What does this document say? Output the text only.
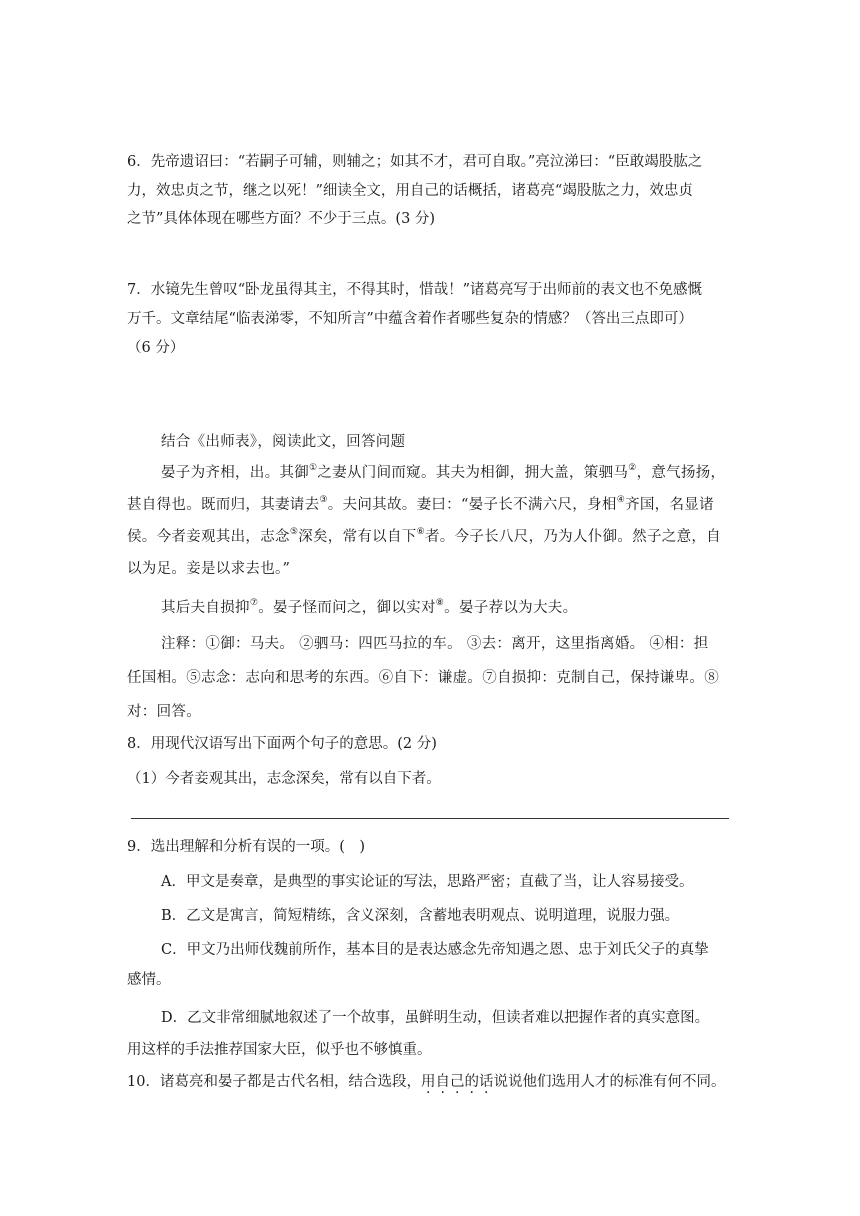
6．先帝遗诏曰：“若嗣子可辅，则辅之；如其不才，君可自取。”亮泣涕曰：“臣敢竭股肱之
力，效忠贞之节，继之以死！”细读全文，用自己的话概括，诸葛亮“竭股肱之力，效忠贞
之节”具体体现在哪些方面？不少于三点。(3 分)
7．水镜先生曾叹“卧龙虽得其主，不得其时，惜哉！”诸葛亮写于出师前的表文也不免感慨
万千。文章结尾“临表涕零，不知所言”中蕴含着作者哪些复杂的情感？（答出三点即可）
（6 分）
结合《出师表》，阅读此文，回答问题
晏子为齐相，出。其御①之妻从门间而窥。其夫为相御，拥大盖，策驷马②，意气扬扬，
甚自得也。既而归，其妻请去③。夫问其故。妻曰：“晏子长不满六尺，身相④齐国，名显诸
侯。今者妾观其出，志念⑤深矣，常有以自下⑥者。今子长八尺，乃为人仆御。然子之意，自
以为足。妾是以求去也。”
其后夫自损抑⑦。晏子怪而问之，御以实对⑧。晏子荐以为大夫。
注释：①御：马夫。 ②驷马：四匹马拉的车。 ③去：离开，这里指离婚。 ④相：担
任国相。⑤志念：志向和思考的东西。⑥自下：谦虚。⑦自损抑：克制自己，保持谦卑。⑧
对：回答。
8．用现代汉语写出下面两个句子的意思。(2 分)
（1）今者妾观其出，志念深矣，常有以自下者。
9．选出理解和分析有误的一项。(　)
A．甲文是奏章，是典型的事实论证的写法，思路严密；直截了当，让人容易接受。
B．乙文是寓言，简短精练，含义深刻，含蓄地表明观点、说明道理，说服力强。
C．甲文乃出师伐魏前所作，基本目的是表达感念先帝知遇之恩、忠于刘氏父子的真挚
感情。
D．乙文非常细腻地叙述了一个故事，虽鲜明生动，但读者难以把握作者的真实意图。
用这样的手法推荐国家大臣，似乎也不够慎重。
10．诸葛亮和晏子都是古代名相，结合选段，用自己的话说说他们选用人才的标准有何不同。
